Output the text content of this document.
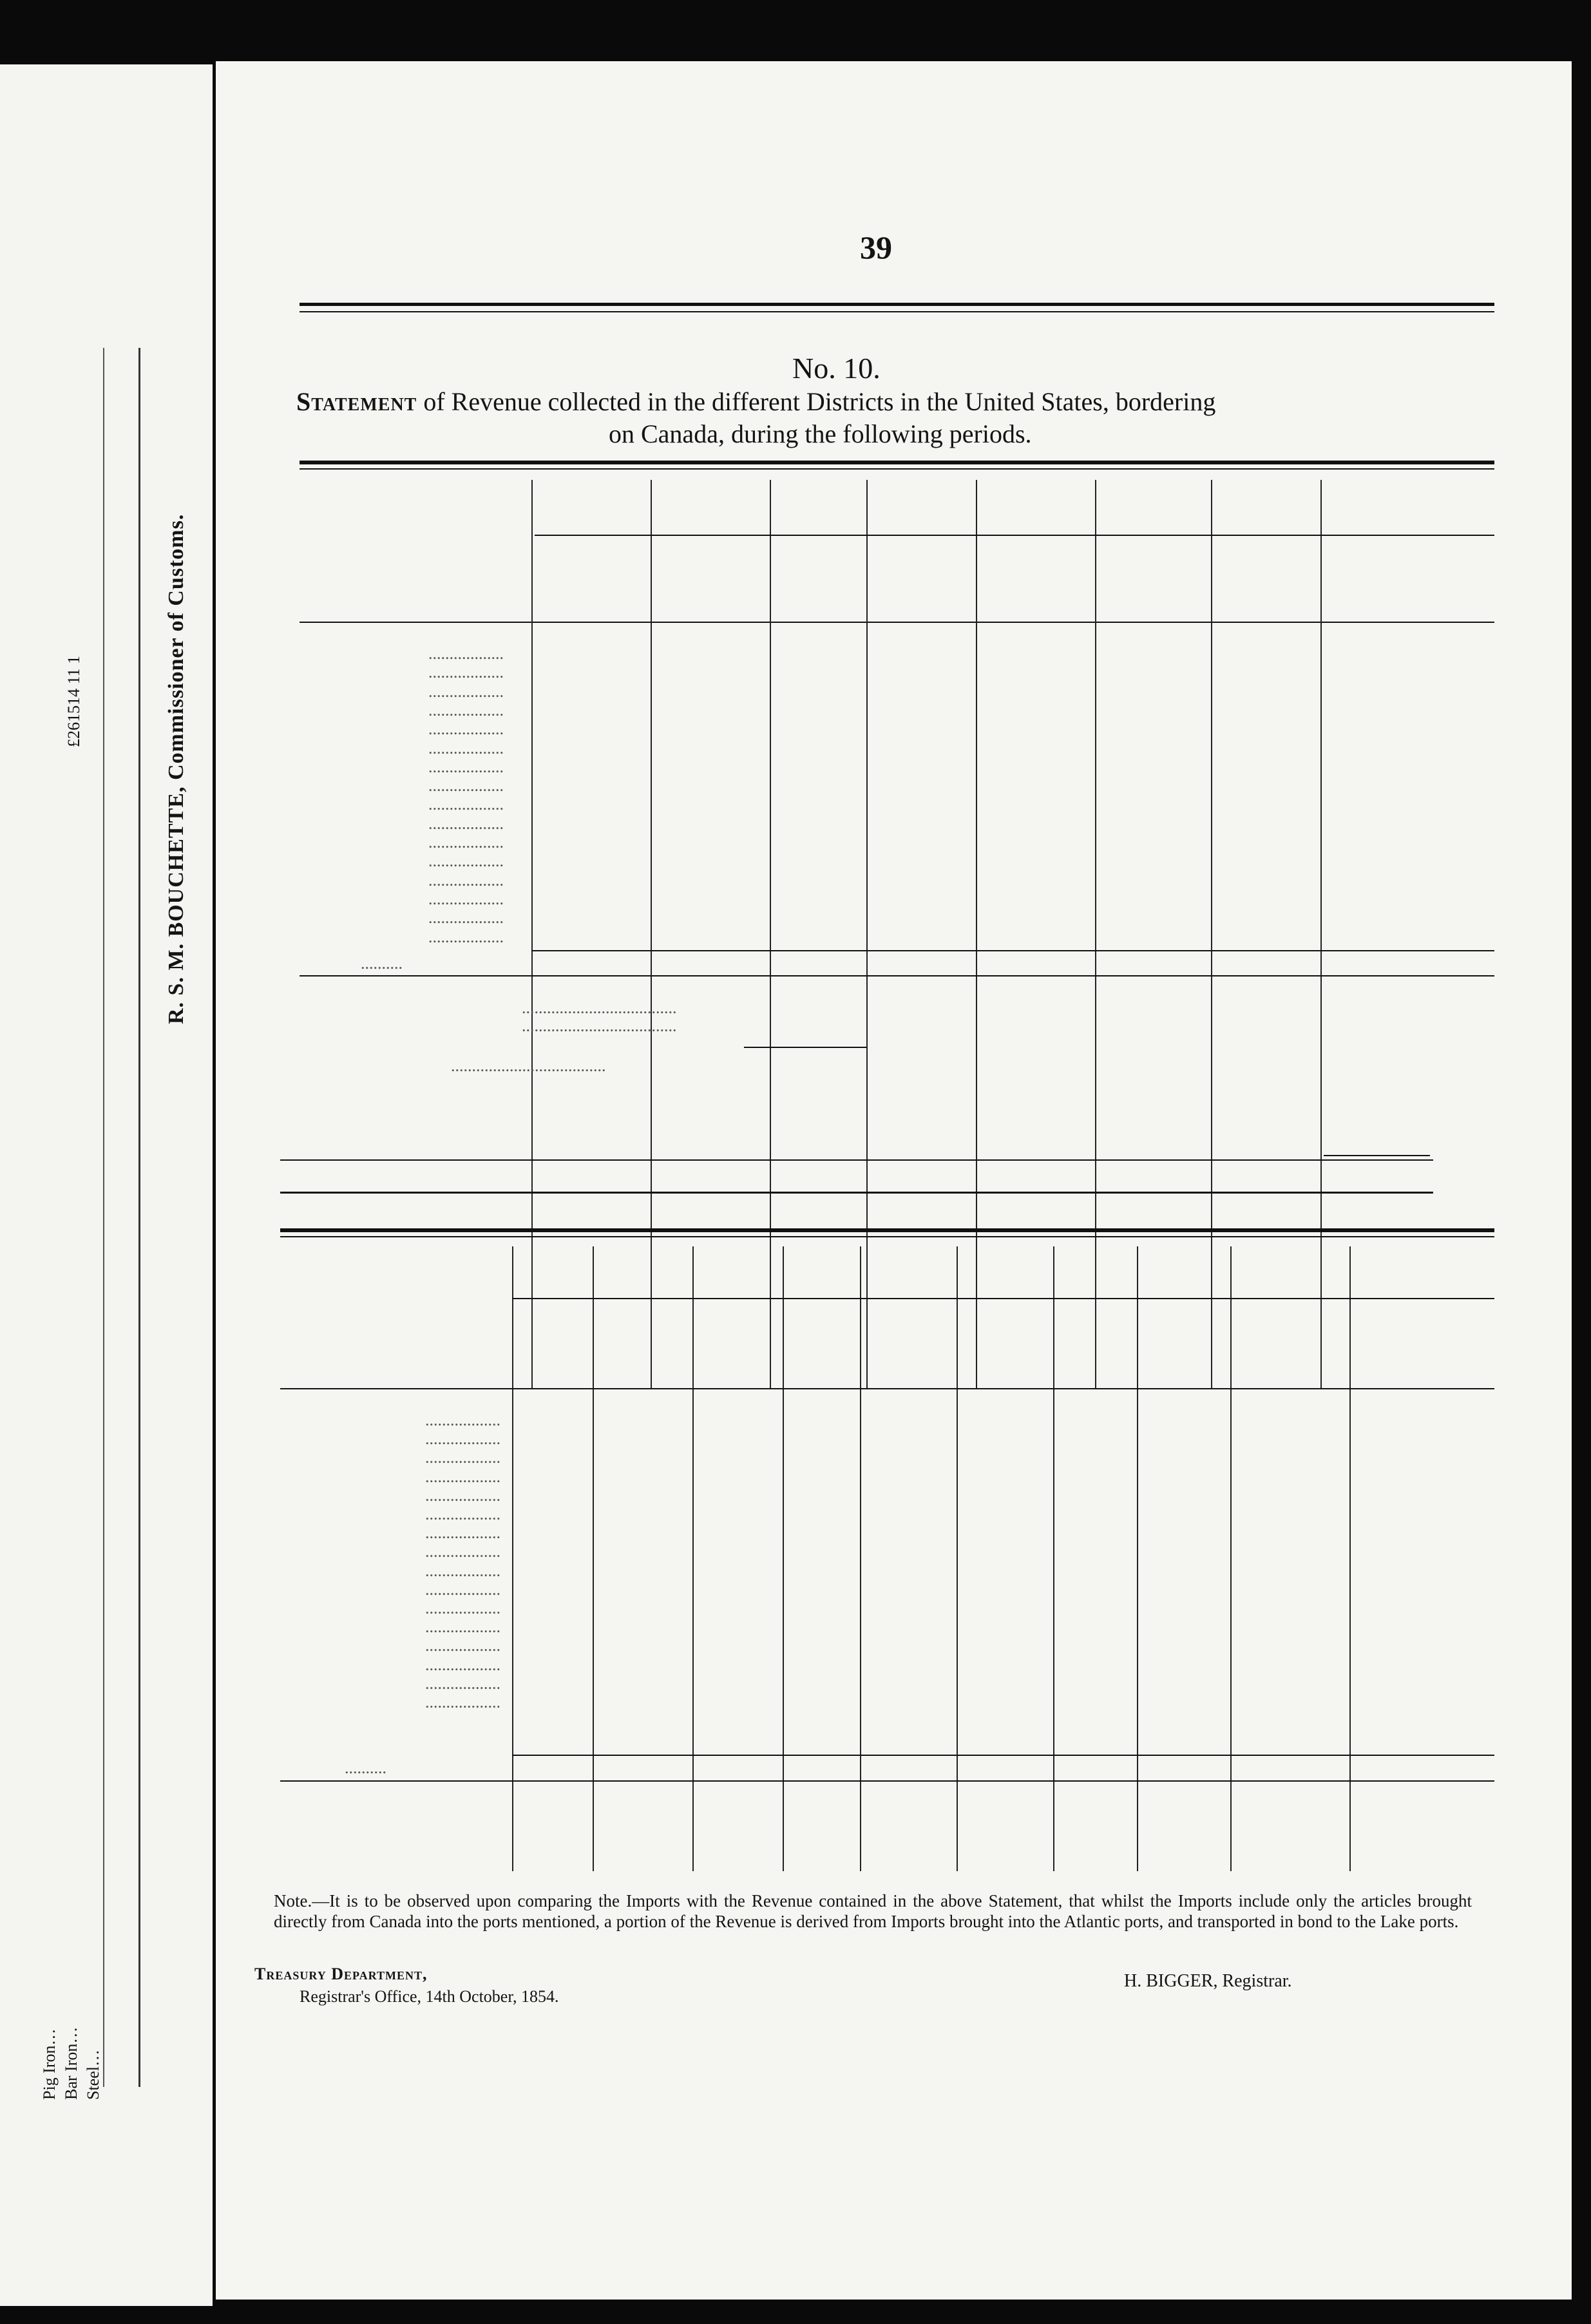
R. S. M. BOUCHETTE, Commissioner of Customs.
£261514 11 1
Pig Iron…
Bar Iron…
Steel…
39
No. 10.
Statement of Revenue collected in the different Districts in the United States, bordering
on Canada, during the following periods.
..................
..................
..................
..................
..................
..................
..................
..................
..................
..................
..................
..................
..................
..................
..................
..................
..........
.....................................
.....................................
.....................................
..................
..................
..................
..................
..................
..................
..................
..................
..................
..................
..................
..................
..................
..................
..................
..................
..........
Note.—It is to be observed upon comparing the Imports with the Revenue contained in the above Statement, that whilst the Imports include only the articles brought directly from Canada into the ports mentioned, a portion of the Revenue is derived from Imports brought into the Atlantic ports, and transported in bond to the Lake ports.
Treasury Department,
Registrar's Office, 14th October, 1854.
H. BIGGER, Registrar.
